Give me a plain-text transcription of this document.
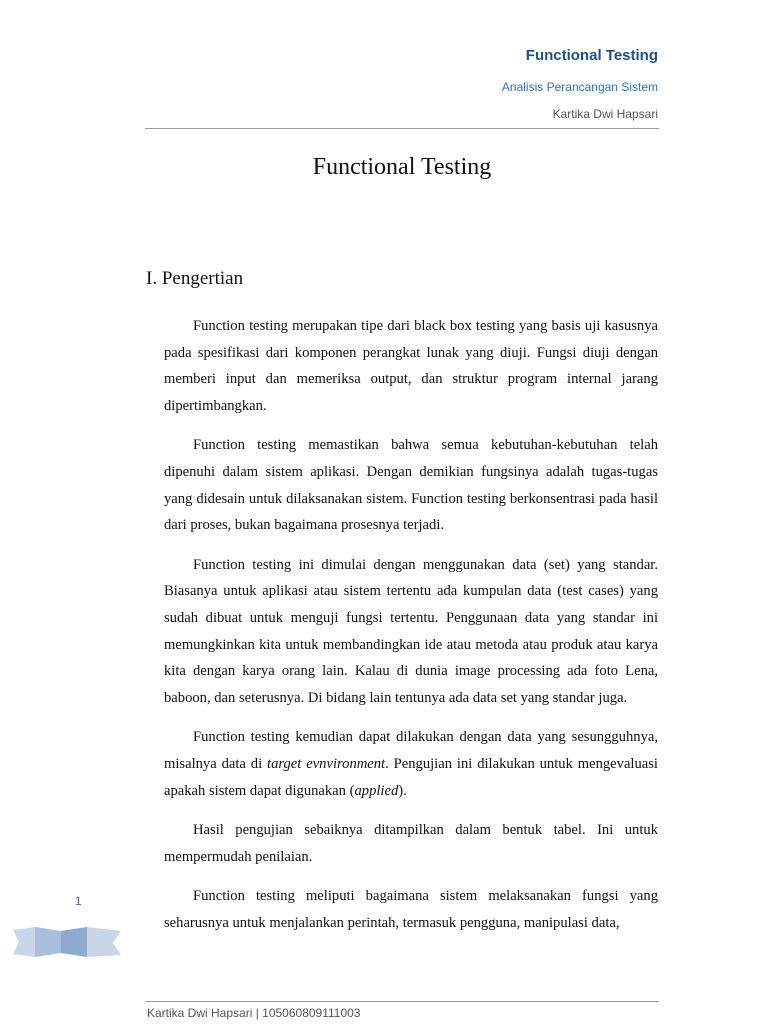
Functional Testing
Analisis Perancangan Sistem
Kartika Dwi Hapsari
Functional Testing
I. Pengertian

Function testing merupakan tipe dari black box testing yang basis uji kasusnya pada spesifikasi dari komponen perangkat lunak yang diuji. Fungsi diuji dengan memberi input dan memeriksa output, dan struktur program internal jarang dipertimbangkan.

Function testing memastikan bahwa semua kebutuhan-kebutuhan telah dipenuhi dalam sistem aplikasi. Dengan demikian fungsinya adalah tugas-tugas yang didesain untuk dilaksanakan sistem. Function testing berkonsentrasi pada hasil dari proses, bukan bagaimana prosesnya terjadi.

Function testing ini dimulai dengan menggunakan data (set) yang standar. Biasanya untuk aplikasi atau sistem tertentu ada kumpulan data (test cases) yang sudah dibuat untuk menguji fungsi tertentu. Penggunaan data yang standar ini memungkinkan kita untuk membandingkan ide atau metoda atau produk atau karya kita dengan karya orang lain. Kalau di dunia image processing ada foto Lena, baboon, dan seterusnya. Di bidang lain tentunya ada data set yang standar juga.

Function testing kemudian dapat dilakukan dengan data yang sesungguhnya, misalnya data di target evnvironment. Pengujian ini dilakukan untuk mengevaluasi apakah sistem dapat digunakan (applied).

Hasil pengujian sebaiknya ditampilkan dalam bentuk tabel. Ini untuk mempermudah penilaian.

Function testing meliputi bagaimana sistem melaksanakan fungsi yang seharusnya untuk menjalankan perintah, termasuk pengguna, manipulasi data,

1
Kartika Dwi Hapsari | 105060809111003
